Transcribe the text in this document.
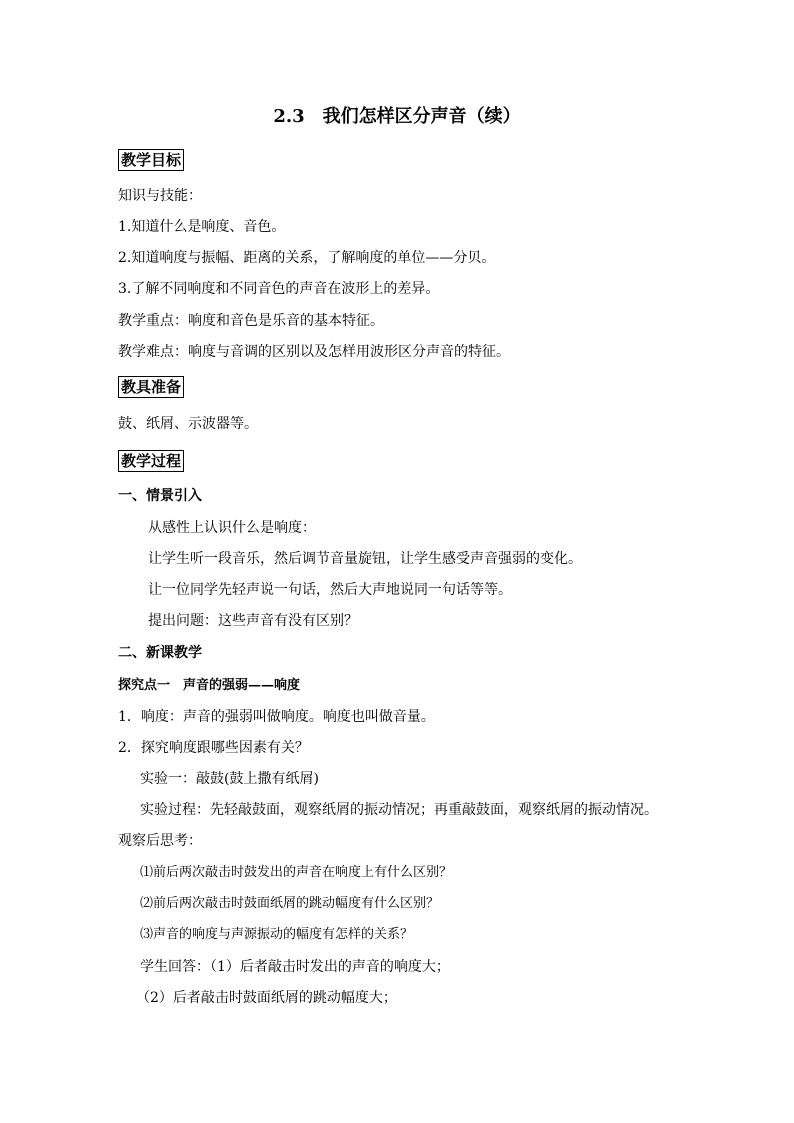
2.3　我们怎样区分声音（续）
教学目标
知识与技能：
1.知道什么是响度、音色。
2.知道响度与振幅、距离的关系，了解响度的单位——分贝。
3.了解不同响度和不同音色的声音在波形上的差异。
教学重点：响度和音色是乐音的基本特征。
教学难点：响度与音调的区别以及怎样用波形区分声音的特征。
教具准备
鼓、纸屑、示波器等。
教学过程
一、情景引入
从感性上认识什么是响度：
让学生听一段音乐，然后调节音量旋钮，让学生感受声音强弱的变化。
让一位同学先轻声说一句话，然后大声地说同一句话等等。
提出问题：这些声音有没有区别？
二、新课教学
探究点一　声音的强弱——响度
1．响度：声音的强弱叫做响度。响度也叫做音量。
2．探究响度跟哪些因素有关？
实验一：敲鼓(鼓上撒有纸屑)
实验过程：先轻敲鼓面，观察纸屑的振动情况；再重敲鼓面，观察纸屑的振动情况。
观察后思考：
⑴前后两次敲击时鼓发出的声音在响度上有什么区别？
⑵前后两次敲击时鼓面纸屑的跳动幅度有什么区别？
⑶声音的响度与声源振动的幅度有怎样的关系？
学生回答：（1）后者敲击时发出的声音的响度大；
（2）后者敲击时鼓面纸屑的跳动幅度大；
